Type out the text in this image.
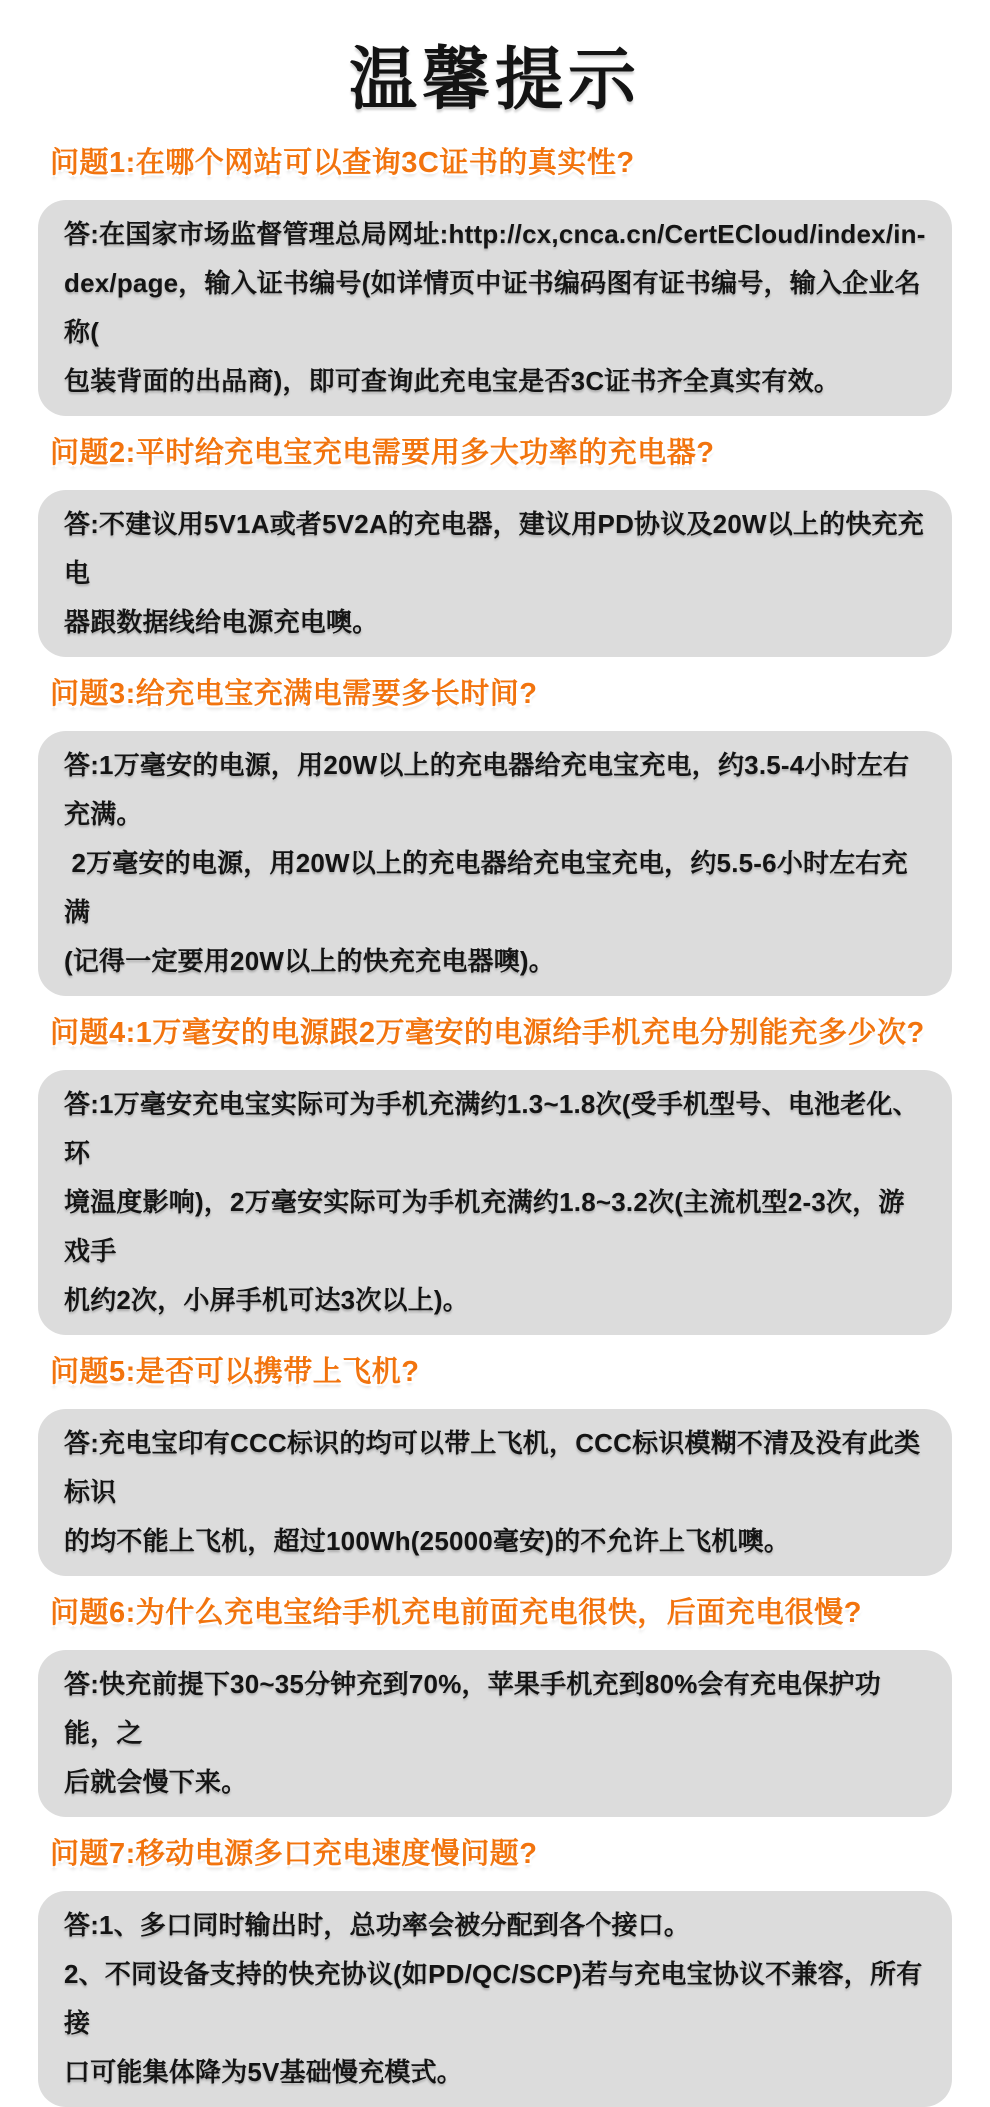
温馨提示
问题1:在哪个网站可以查询3C证书的真实性?
答:在国家市场监督管理总局网址:http://cx,cnca.cn/CertECloud/index/in-
dex/page，输入证书编号(如详情页中证书编码图有证书编号，输入企业名称(
包装背面的出品商)，即可查询此充电宝是否3C证书齐全真实有效。
问题2:平时给充电宝充电需要用多大功率的充电器?
答:不建议用5V1A或者5V2A的充电器，建议用PD协议及20W以上的快充充电
器跟数据线给电源充电噢。
问题3:给充电宝充满电需要多长时间?
答:1万毫安的电源，用20W以上的充电器给充电宝充电，约3.5-4小时左右充满。
2万毫安的电源，用20W以上的充电器给充电宝充电，约5.5-6小时左右充满
(记得一定要用20W以上的快充充电器噢)。
问题4:1万毫安的电源跟2万毫安的电源给手机充电分别能充多少次?
答:1万毫安充电宝实际可为手机充满约1.3~1.8次(受手机型号、电池老化、环
境温度影响)，2万毫安实际可为手机充满约1.8~3.2次(主流机型2-3次，游戏手
机约2次，小屏手机可达3次以上)。
问题5:是否可以携带上飞机?
答:充电宝印有CCC标识的均可以带上飞机，CCC标识模糊不清及没有此类标识
的均不能上飞机，超过100Wh(25000毫安)的不允许上飞机噢。
问题6:为什么充电宝给手机充电前面充电很快，后面充电很慢?
答:快充前提下30~35分钟充到70%，苹果手机充到80%会有充电保护功能，之
后就会慢下来。
问题7:移动电源多口充电速度慢问题?
答:1、多口同时输出时，总功率会被分配到各个接口。
2、不同设备支持的快充协议(如PD/QC/SCP)若与充电宝协议不兼容，所有接
口可能集体降为5V基础慢充模式。
